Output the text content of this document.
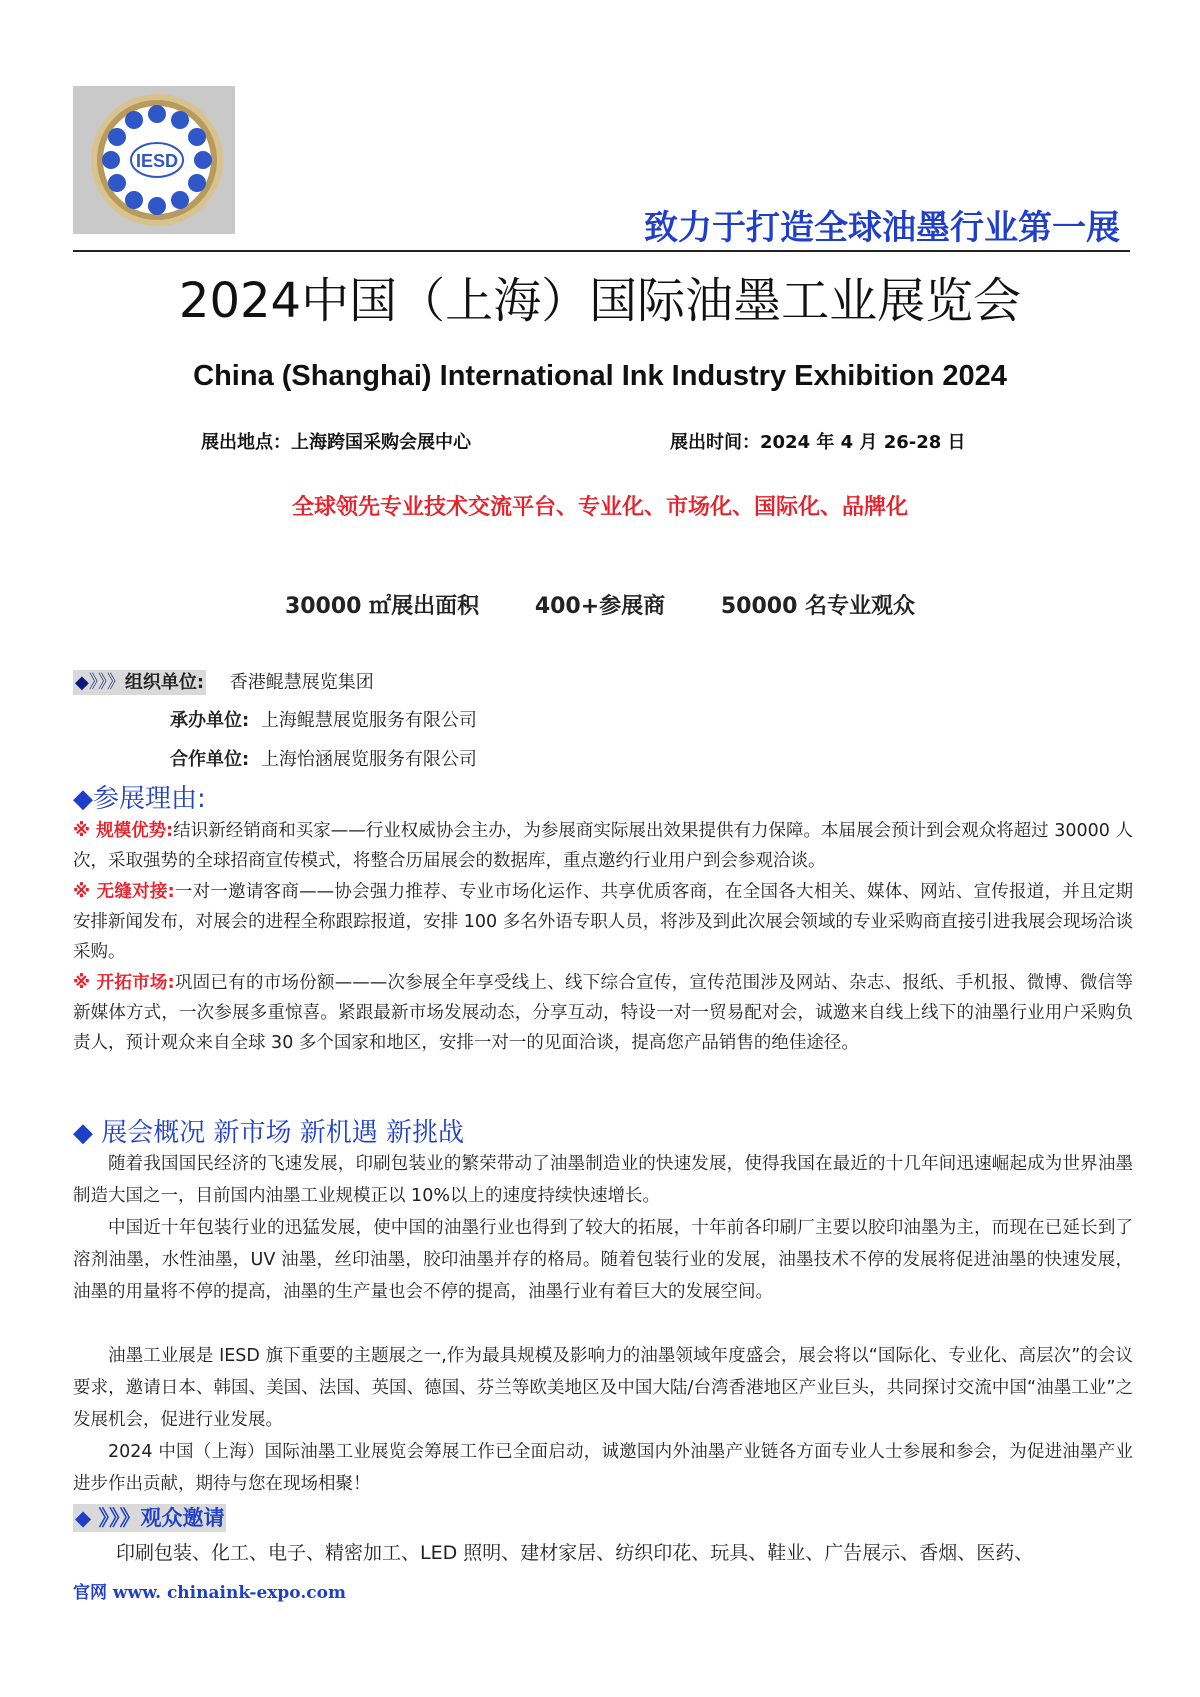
IESD
致力于打造全球油墨行业第一展
2024中国（上海）国际油墨工业展览会
China (Shanghai) International Ink Industry Exhibition 2024
展出地点：上海跨国采购会展中心	展出时间：2024 年 4 月 26-28 日
全球领先专业技术交流平台、专业化、市场化、国际化、品牌化
30000 ㎡展出面积	400+参展商	50000 名专业观众
◆》》》组织单位: 香港鲲慧展览集团
承办单位: 上海鲲慧展览服务有限公司
合作单位: 上海怡涵展览服务有限公司
◆参展理由:
※ 规模优势:结识新经销商和买家——行业权威协会主办，为参展商实际展出效果提供有力保障。本届展会预计到会观众将超过 30000 人次，采取强势的全球招商宣传模式，将整合历届展会的数据库，重点邀约行业用户到会参观洽谈。
※ 无缝对接:一对一邀请客商——协会强力推荐、专业市场化运作、共享优质客商，在全国各大相关、媒体、网站、宣传报道，并且定期安排新闻发布，对展会的进程全称跟踪报道，安排 100 多名外语专职人员，将涉及到此次展会领域的专业采购商直接引进我展会现场洽谈采购。
※ 开拓市场:巩固已有的市场份额———次参展全年享受线上、线下综合宣传，宣传范围涉及网站、杂志、报纸、手机报、微博、微信等新媒体方式，一次参展多重惊喜。紧跟最新市场发展动态，分享互动，特设一对一贸易配对会，诚邀来自线上线下的油墨行业用户采购负责人，预计观众来自全球 30 多个国家和地区，安排一对一的见面洽谈，提高您产品销售的绝佳途径。
◆ 展会概况 新市场 新机遇 新挑战
随着我国国民经济的飞速发展，印刷包装业的繁荣带动了油墨制造业的快速发展，使得我国在最近的十几年间迅速崛起成为世界油墨制造大国之一，目前国内油墨工业规模正以 10%以上的速度持续快速增长。
中国近十年包装行业的迅猛发展，使中国的油墨行业也得到了较大的拓展，十年前各印刷厂主要以胶印油墨为主，而现在已延长到了溶剂油墨，水性油墨，UV 油墨，丝印油墨，胶印油墨并存的格局。随着包装行业的发展，油墨技术不停的发展将促进油墨的快速发展，油墨的用量将不停的提高，油墨的生产量也会不停的提高，油墨行业有着巨大的发展空间。
油墨工业展是 IESD 旗下重要的主题展之一,作为最具规模及影响力的油墨领域年度盛会，展会将以“国际化、专业化、高层次”的会议要求，邀请日本、韩国、美国、法国、英国、德国、芬兰等欧美地区及中国大陆/台湾香港地区产业巨头，共同探讨交流中国“油墨工业”之发展机会，促进行业发展。
2024 中国（上海）国际油墨工业展览会筹展工作已全面启动，诚邀国内外油墨产业链各方面专业人士参展和参会，为促进油墨产业进步作出贡献，期待与您在现场相聚！
◆ 》》》观众邀请
印刷包装、化工、电子、精密加工、LED 照明、建材家居、纺织印花、玩具、鞋业、广告展示、香烟、医药、
官网 www. chinaink-expo.com
